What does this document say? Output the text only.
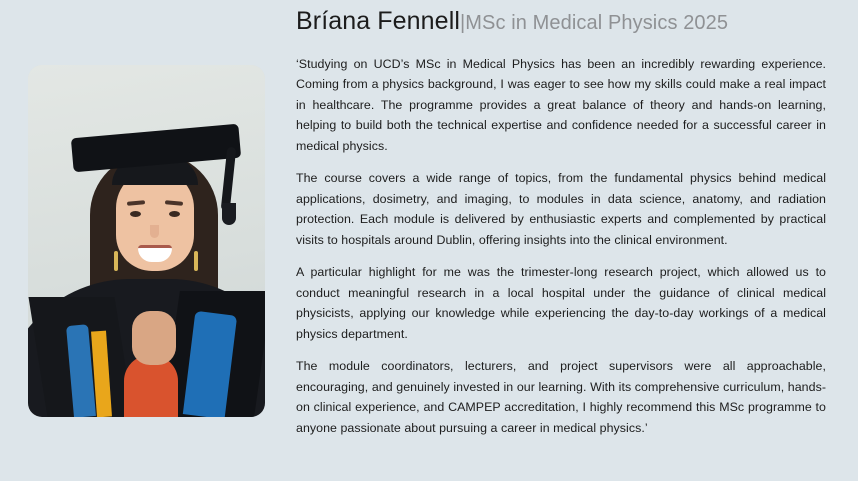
Bríana Fennell|MSc in Medical Physics 2025

‘Studying on UCD’s MSc in Medical Physics has been an incredibly rewarding experience. Coming from a physics background, I was eager to see how my skills could make a real impact in healthcare. The programme provides a great balance of theory and hands-on learning, helping to build both the technical expertise and confidence needed for a successful career in medical physics.

The course covers a wide range of topics, from the fundamental physics behind medical applications, dosimetry, and imaging, to modules in data science, anatomy, and radiation protection. Each module is delivered by enthusiastic experts and complemented by practical visits to hospitals around Dublin, offering insights into the clinical environment.

A particular highlight for me was the trimester-long research project, which allowed us to conduct meaningful research in a local hospital under the guidance of clinical medical physicists, applying our knowledge while experiencing the day-to-day workings of a medical physics department.

The module coordinators, lecturers, and project supervisors were all approachable, encouraging, and genuinely invested in our learning. With its comprehensive curriculum, hands-on clinical experience, and CAMPEP accreditation, I highly recommend this MSc programme to anyone passionate about pursuing a career in medical physics.’
